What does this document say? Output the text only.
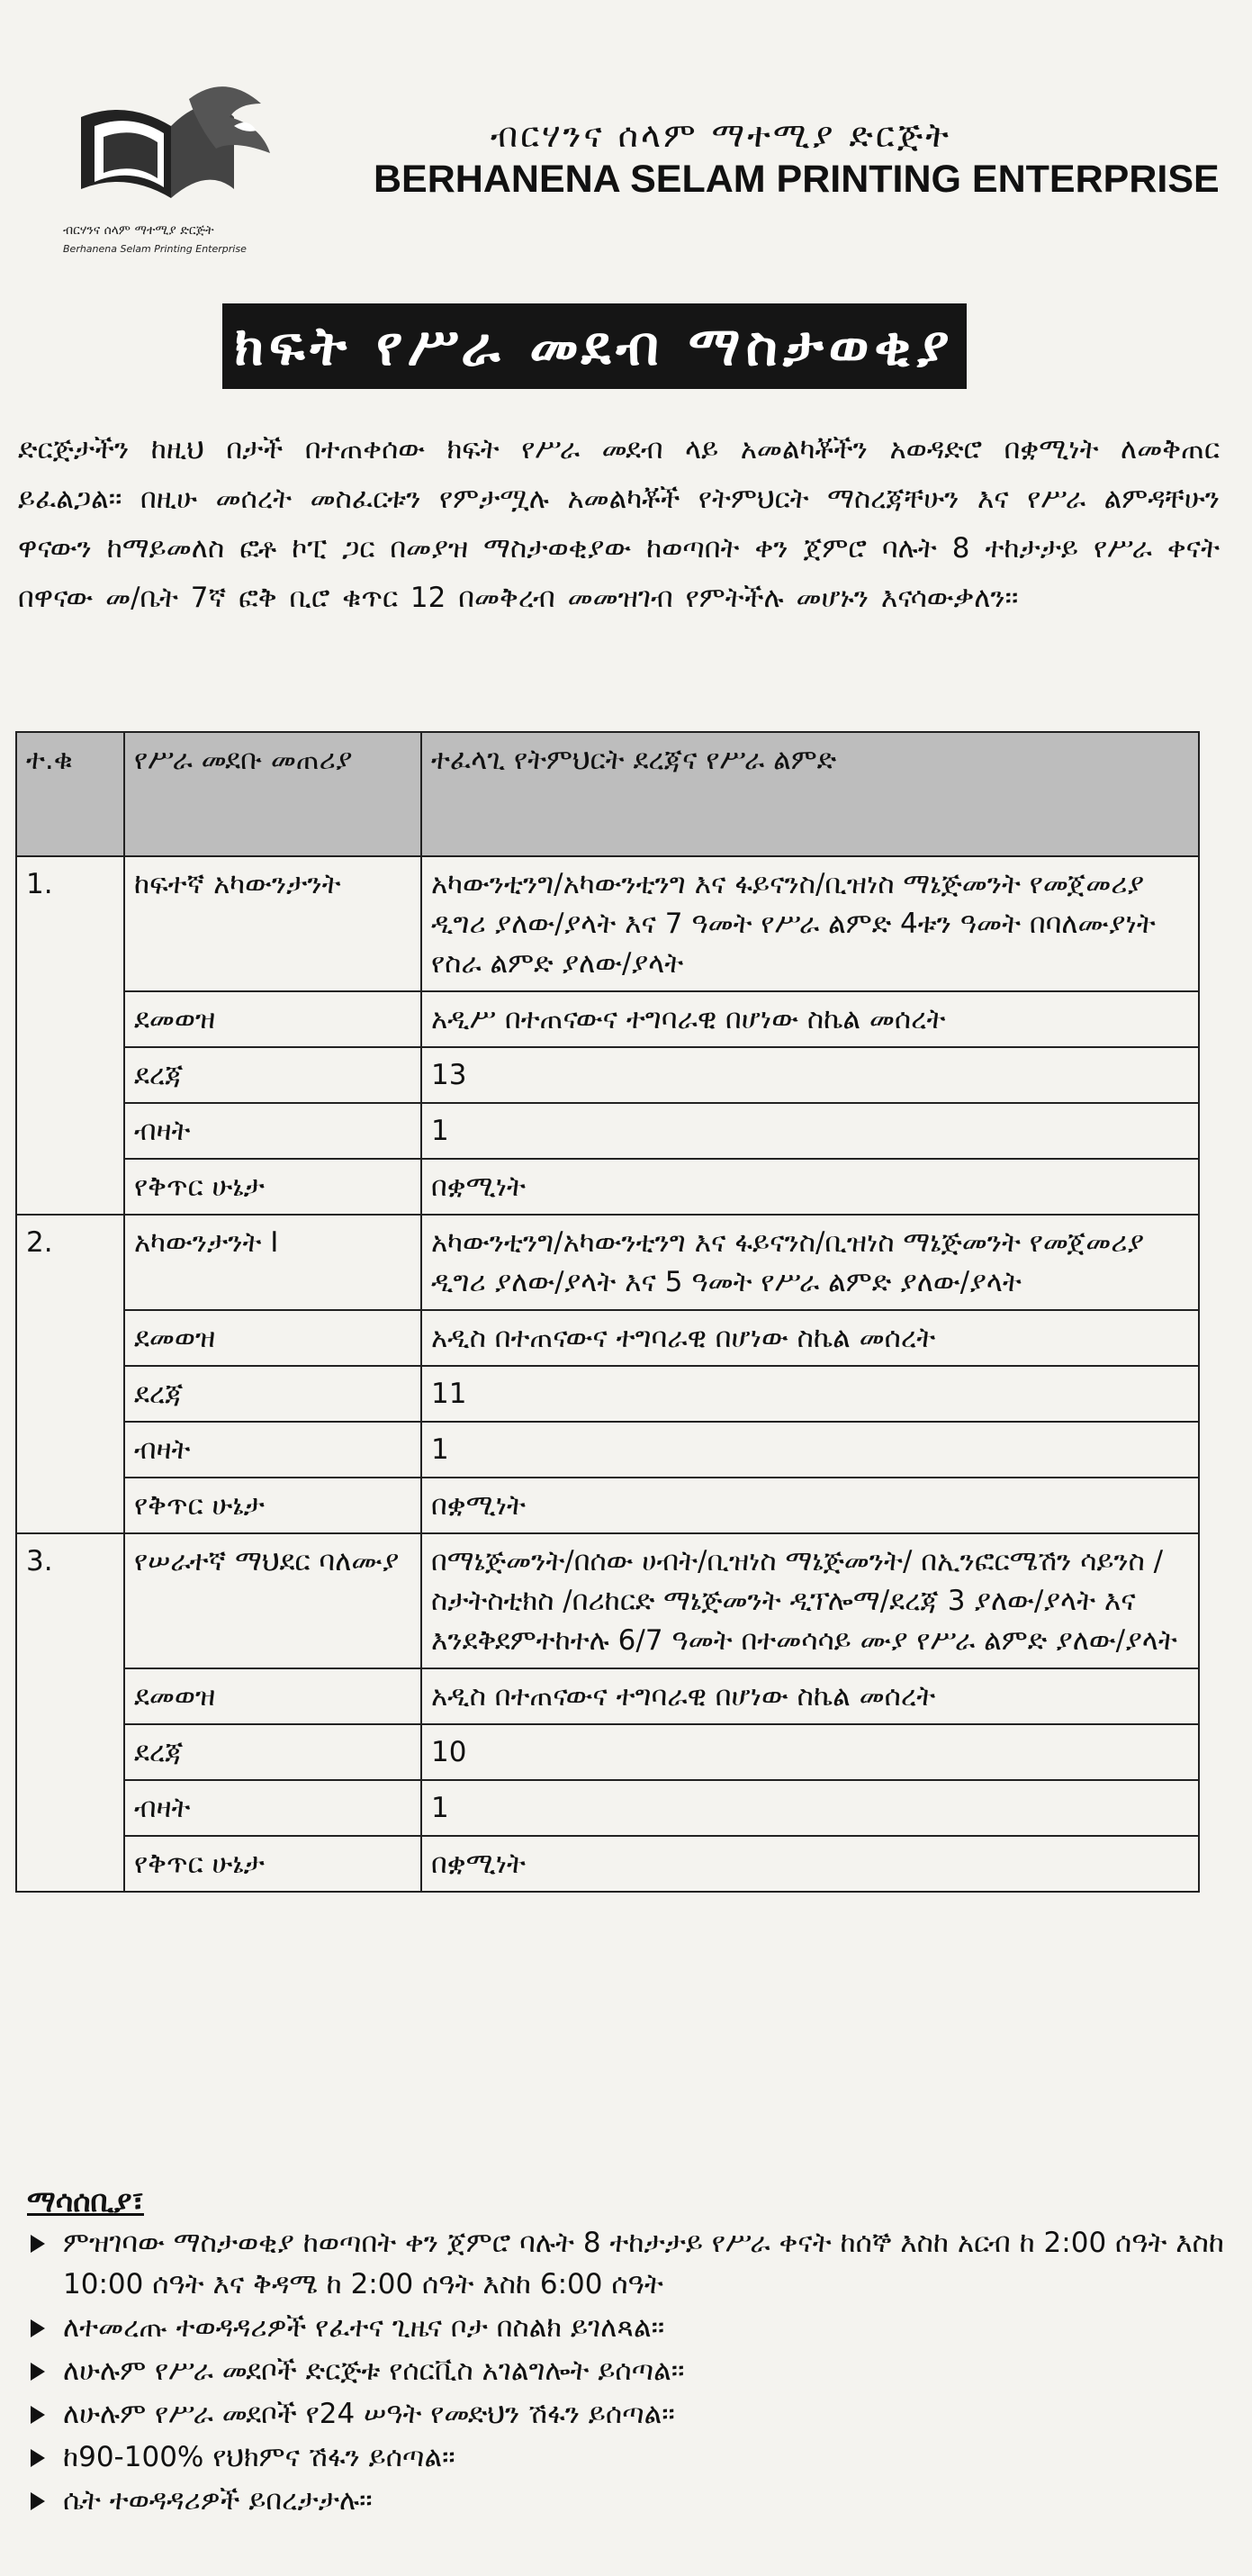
ብርሃንና ሰላም ማተሚያ ድርጅት
Berhanena Selam Printing Enterprise
ብርሃንና ሰላም ማተሚያ ድርጅት
BERHANENA SELAM PRINTING ENTERPRISE
ክፍት የሥራ መደብ ማስታወቂያ
ድርጅታችን ከዚህ በታች በተጠቀሰው ክፍት የሥራ መደብ ላይ አመልካቾችን አወዳድሮ በቋሚነት ለመቅጠር ይፈልጋል፡፡ በዚሁ መሰረት መስፈርቱን የምታሟሉ አመልካቾች የትምህርት ማስረጃቸሁን እና የሥራ ልምዳቸሁን ዋናውን ከማይመለስ ፎቶ ኮፒ ጋር በመያዝ ማስታወቂያው ከወጣበት ቀን ጀምሮ ባሉት 8 ተከታታይ የሥራ ቀናት በዋናው መ/ቤት 7ኛ ፎቅ ቢሮ ቁጥር 12 በመቅረብ መመዝገብ የምትችሉ መሆኑን እናሳውቃለን፡፡
ተ.ቁ	የሥራ መደቡ መጠሪያ	ተፈላጊ የትምህርት ደረጃና የሥራ ልምድ
1.	ከፍተኛ አካውንታንት	አካውንቲንግ/አካውንቲንግ እና ፋይናንስ/ቢዝነስ ማኔጅመንት የመጀመሪያ ዲግሪ ያለው/ያላት እና 7 ዓመት የሥራ ልምድ 4ቱን ዓመት በባለሙያነት የስራ ልምድ ያለው/ያላት
	ደመወዝ	አዲሥ በተጠናውና ተግባራዊ በሆነው ስኬል መሰረት
	ደረጃ	13
	ብዛት	1
	የቅጥር ሁኔታ	በቋሚነት
2.	አካውንታንት I	አካውንቲንግ/አካውንቲንግ እና ፋይናንስ/ቢዝነስ ማኔጅመንት የመጀመሪያ ዲግሪ ያለው/ያላት እና 5 ዓመት የሥራ ልምድ ያለው/ያላት
	ደመወዝ	አዲስ በተጠናውና ተግባራዊ በሆነው ስኬል መሰረት
	ደረጃ	11
	ብዛት	1
	የቅጥር ሁኔታ	በቋሚነት
3.	የሠራተኛ ማህደር ባለሙያ	በማኔጅመንት/በሰው ሀብት/ቢዝነስ ማኔጅመንት/ በኢንፎርሜሽን ሳይንስ /ስታትስቲክስ /በሪከርድ ማኔጅመንት ዲፕሎማ/ደረጃ 3 ያለው/ያላት እና እንደቅደምተከተሉ 6/7 ዓመት በተመሳሳይ ሙያ የሥራ ልምድ ያለው/ያላት
	ደመወዝ	አዲስ በተጠናውና ተግባራዊ በሆነው ስኬል መሰረት
	ደረጃ	10
	ብዛት	1
	የቅጥር ሁኔታ	በቋሚነት
ማሳሰቢያ፣
ምዝገባው ማስታወቂያ ከወጣበት ቀን ጀምሮ ባሉት 8 ተከታታይ የሥራ ቀናት ከሰኞ እስከ አርብ ከ 2:00 ሰዓት እስከ 10:00 ሰዓት እና ቅዳሜ ከ 2:00 ሰዓት እስከ 6:00 ሰዓት
ለተመረጡ ተወዳዳሪዎች የፈተና ጊዜና ቦታ በስልክ ይገለጻል፡፡
ለሁሉም የሥራ መደቦች ድርጅቱ የሰርቪስ አገልግሎት ይሰጣል፡፡
ለሁሉም የሥራ መደቦች የ24 ሠዓት የመድህን ሽፋን ይሰጣል፡፡
ከ90-100% የህክምና ሽፋን ይሰጣል፡፡
ሴት ተወዳዳሪዎች ይበረታታሉ፡፡
